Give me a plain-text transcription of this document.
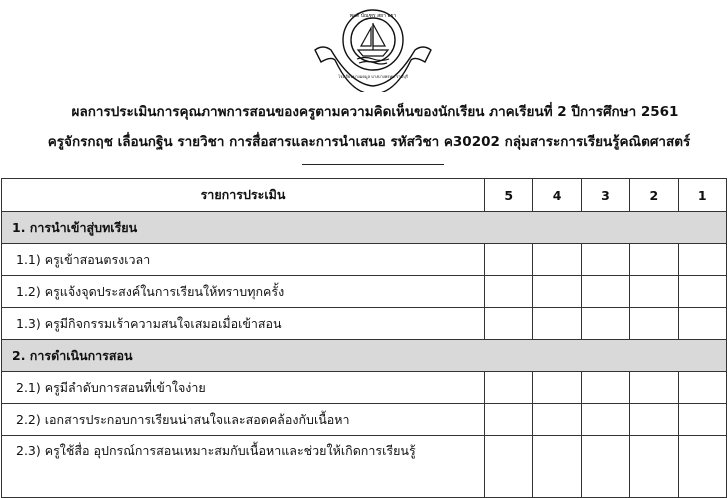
พอดี บัณฑุร สยา อยา
โรงเรียนบางมดมูล บางบางพรหม ราชบุรี
ผลการประเมินการคุณภาพการสอนของครูตามความคิดเห็นของนักเรียน ภาคเรียนที่ 2 ปีการศึกษา 2561
ครูจักรกฤช เลื่อนกฐิน รายวิชา การสื่อสารและการนำเสนอ รหัสวิชา ค30202 กลุ่มสาระการเรียนรู้คณิตศาสตร์
รายการประเมิน	5	4	3	2	1
1. การนำเข้าสู่บทเรียน					
1.1) ครูเข้าสอนตรงเวลา					
1.2) ครูแจ้งจุดประสงค์ในการเรียนให้ทราบทุกครั้ง					
1.3) ครูมีกิจกรรมเร้าความสนใจเสมอเมื่อเข้าสอน					
2. การดำเนินการสอน					
2.1) ครูมีลำดับการสอนที่เข้าใจง่าย					
2.2) เอกสารประกอบการเรียนน่าสนใจและสอดคล้องกับเนื้อหา					
2.3) ครูใช้สื่อ อุปกรณ์การสอนเหมาะสมกับเนื้อหาและช่วยให้เกิดการเรียนรู้					
